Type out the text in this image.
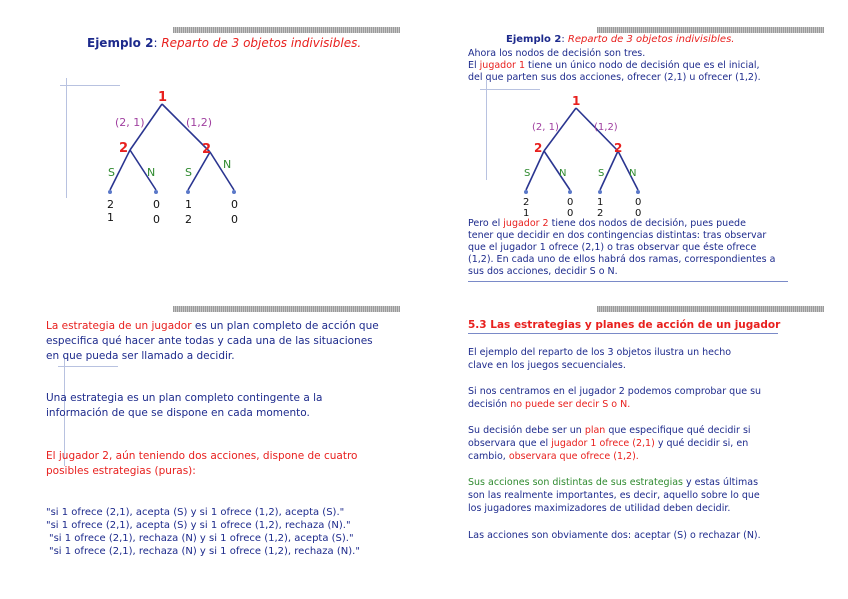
Ejemplo 2: Reparto de 3 objetos indivisibles.
1
(2, 1)	(1,2)
2	2
S	N	S
N
2
1
0
0
1
2
0
0
Ejemplo 2: Reparto de 3 objetos indivisibles.
Ahora los nodos de decisión son tres.
El jugador 1 tiene un único nodo de decisión que es el inicial,
del que parten sus dos acciones, ofrecer (2,1) u ofrecer (1,2).
1
(2, 1)	(1,2)
2	2
S	N	S N
2
1
0
0
1
2
0
0
Pero el jugador 2 tiene dos nodos de decisión, pues puede
tener que decidir en dos contingencias distintas: tras observar
que el jugador 1 ofrece (2,1) o tras observar que éste ofrece
(1,2). En cada uno de ellos habrá dos ramas, correspondientes a
sus dos acciones, decidir S o N.
La estrategia de un jugador es un plan completo de acción que
especifica qué hacer ante todas y cada una de las situaciones
en que pueda ser llamado a decidir.
Una estrategia es un plan completo contingente a la
información de que se dispone en cada momento.
El jugador 2, aún teniendo dos acciones, dispone de cuatro
posibles estrategias (puras):
"si 1 ofrece (2,1), acepta (S) y si 1 ofrece (1,2), acepta (S)."
"si 1 ofrece (2,1), acepta (S) y si 1 ofrece (1,2), rechaza (N)."
"si 1 ofrece (2,1), rechaza (N) y si 1 ofrece (1,2), acepta (S)."
"si 1 ofrece (2,1), rechaza (N) y si 1 ofrece (1,2), rechaza (N)."
5.3 Las estrategias y planes de acción de un jugador
El ejemplo del reparto de los 3 objetos ilustra un hecho
clave en los juegos secuenciales.
Si nos centramos en el jugador 2 podemos comprobar que su
decisión no puede ser decir S o N.
Su decisión debe ser un plan que especifique qué decidir si
observara que el jugador 1 ofrece (2,1) y qué decidir si, en
cambio, observara que ofrece (1,2).
Sus acciones son distintas de sus estrategias y estas últimas
son las realmente importantes, es decir, aquello sobre lo que
los jugadores maximizadores de utilidad deben decidir.
Las acciones son obviamente dos: aceptar (S) o rechazar (N).
